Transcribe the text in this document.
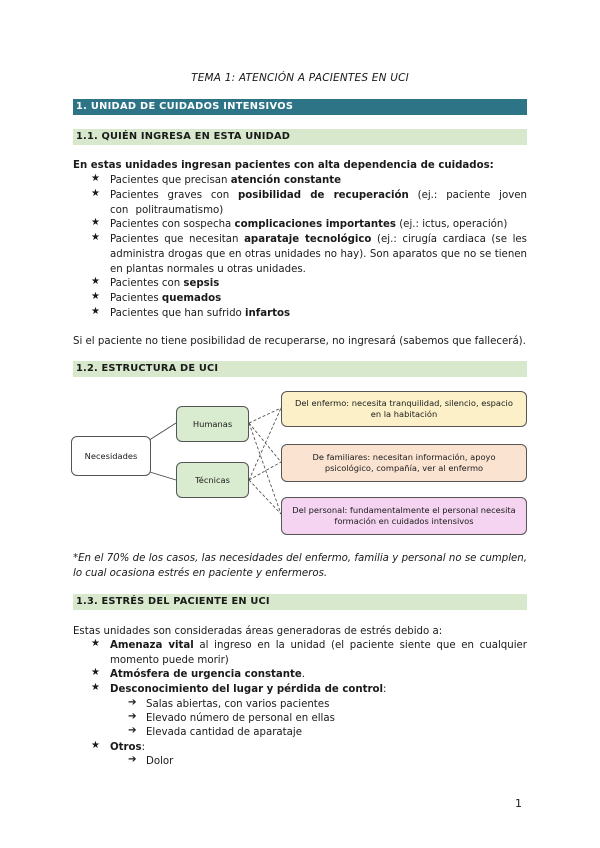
TEMA 1: ATENCIÓN A PACIENTES EN UCI
1. UNIDAD DE CUIDADOS INTENSIVOS
1.1. QUIÉN INGRESA EN ESTA UNIDAD
En estas unidades ingresan pacientes con alta dependencia de cuidados:
★ Pacientes que precisan atención constante
★ Pacientes graves con posibilidad de recuperación (ej.: paciente joven con politraumatismo)
★ Pacientes con sospecha complicaciones importantes (ej.: ictus, operación)
★ Pacientes que necesitan aparataje tecnológico (ej.: cirugía cardiaca (se les administra drogas que en otras unidades no hay). Son aparatos que no se tienen en plantas normales u otras unidades.
★ Pacientes con sepsis
★ Pacientes quemados
★ Pacientes que han sufrido infartos
Si el paciente no tiene posibilidad de recuperarse, no ingresará (sabemos que fallecerá).
1.2. ESTRUCTURA DE UCI
Necesidades
Humanas
Técnicas
Del enfermo: necesita tranquilidad, silencio, espacio en la habitación
De familiares: necesitan información, apoyo psicológico, compañía, ver al enfermo
Del personal: fundamentalmente el personal necesita formación en cuidados intensivos
*En el 70% de los casos, las necesidades del enfermo, familia y personal no se cumplen, lo cual ocasiona estrés en paciente y enfermeros.
1.3. ESTRÉS DEL PACIENTE EN UCI
Estas unidades son consideradas áreas generadoras de estrés debido a:
★ Amenaza vital al ingreso en la unidad (el paciente siente que en cualquier momento puede morir)
★ Atmósfera de urgencia constante.
★ Desconocimiento del lugar y pérdida de control:
➔ Salas abiertas, con varios pacientes
➔ Elevado número de personal en ellas
➔ Elevada cantidad de aparataje
★ Otros:
➔ Dolor
1
